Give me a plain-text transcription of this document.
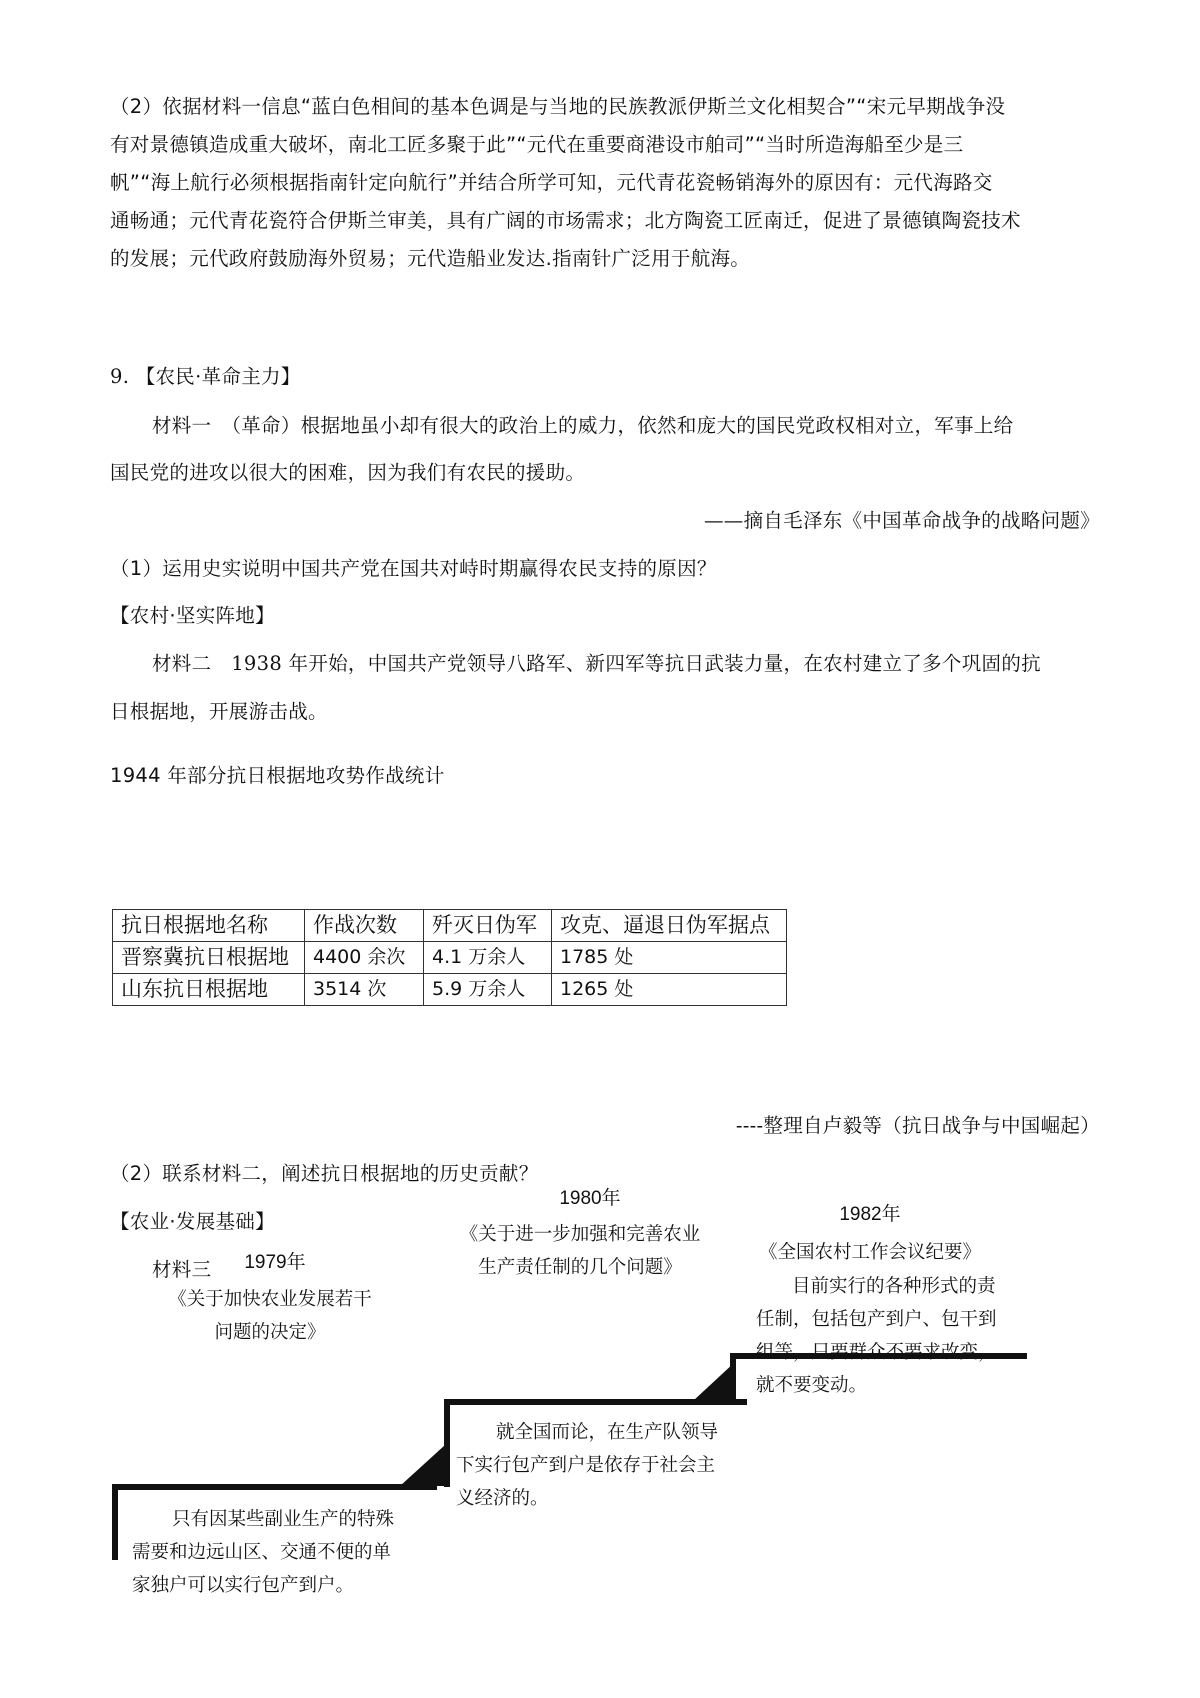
（2）依据材料一信息“蓝白色相间的基本色调是与当地的民族教派伊斯兰文化相契合”“宋元早期战争没

有对景德镇造成重大破坏，南北工匠多聚于此”“元代在重要商港设市舶司”“当时所造海船至少是三

帆”“海上航行必须根据指南针定向航行”并结合所学可知，元代青花瓷畅销海外的原因有：元代海路交

通畅通；元代青花瓷符合伊斯兰审美，具有广阔的市场需求；北方陶瓷工匠南迁，促进了景德镇陶瓷技术

的发展；元代政府鼓励海外贸易；元代造船业发达.指南针广泛用于航海。

9. 【农民·革命主力】

材料一　（革命）根据地虽小却有很大的政治上的威力，依然和庞大的国民党政权相对立，军事上给

国民党的进攻以很大的困难，因为我们有农民的援助。

——摘自毛泽东《中国革命战争的战略问题》

（1）运用史实说明中国共产党在国共对峙时期赢得农民支持的原因？

【农村·坚实阵地】

材料二　1938 年开始，中国共产党领导八路军、新四军等抗日武装力量，在农村建立了多个巩固的抗

日根据地，开展游击战。

1944 年部分抗日根据地攻势作战统计

抗日根据地名称	作战次数	歼灭日伪军	攻克、逼退日伪军据点
晋察冀抗日根据地	4400 余次	4.1 万余人	1785 处
山东抗日根据地	3514 次	5.9 万余人	1265 处

----整理自卢毅等（抗日战争与中国崛起）

（2）联系材料二，阐述抗日根据地的历史贡献？

【农业·发展基础】

材料三	1979年
《关于加快农业发展若干
问题的决定》
只有因某些副业生产的特殊
需要和边远山区、交通不便的单
家独户可以实行包产到户。
1980年
《关于进一步加强和完善农业
生产责任制的几个问题》
就全国而论，在生产队领导
下实行包产到户是依存于社会主
义经济的。
1982年
《全国农村工作会议纪要》
目前实行的各种形式的责
任制，包括包产到户、包干到
组等，只要群众不要求改变，
就不要变动。
